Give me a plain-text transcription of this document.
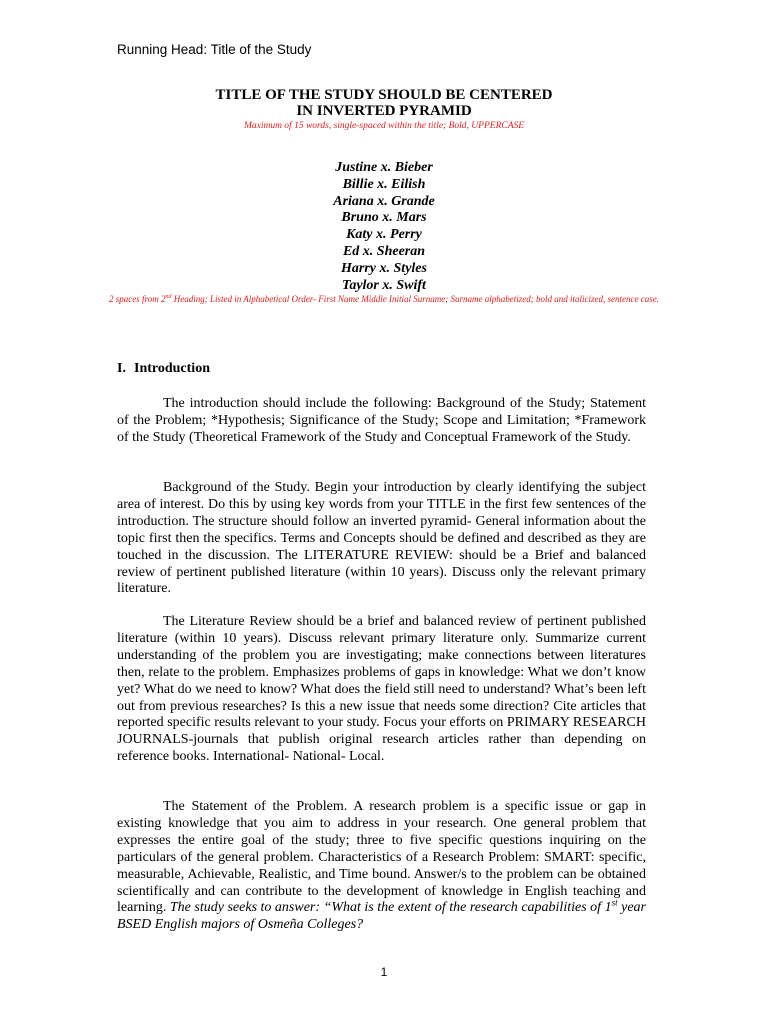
Running Head: Title of the Study
TITLE OF THE STUDY SHOULD BE CENTERED
IN INVERTED PYRAMID
Maximum of 15 words, single-spaced within the title; Bold, UPPERCASE
Justine x. Bieber
Billie x. Eilish
Ariana x. Grande
Bruno x. Mars
Katy x. Perry
Ed x. Sheeran
Harry x. Styles
Taylor x. Swift
2 spaces from 2nd Heading; Listed in Alphabetical Order- First Name Middle Initial Surname; Surname alphabetized; bold and italicized, sentence case.
I. Introduction
The introduction should include the following: Background of the Study; Statement of the Problem; *Hypothesis; Significance of the Study; Scope and Limitation; *Framework of the Study (Theoretical Framework of the Study and Conceptual Framework of the Study.
Background of the Study. Begin your introduction by clearly identifying the subject area of interest. Do this by using key words from your TITLE in the first few sentences of the introduction. The structure should follow an inverted pyramid- General information about the topic first then the specifics. Terms and Concepts should be defined and described as they are touched in the discussion. The LITERATURE REVIEW: should be a Brief and balanced review of pertinent published literature (within 10 years). Discuss only the relevant primary literature.
The Literature Review should be a brief and balanced review of pertinent published literature (within 10 years). Discuss relevant primary literature only. Summarize current understanding of the problem you are investigating; make connections between literatures then, relate to the problem. Emphasizes problems of gaps in knowledge: What we don’t know yet? What do we need to know? What does the field still need to understand? What’s been left out from previous researches? Is this a new issue that needs some direction? Cite articles that reported specific results relevant to your study. Focus your efforts on PRIMARY RESEARCH JOURNALS-journals that publish original research articles rather than depending on reference books. International- National- Local.
The Statement of the Problem. A research problem is a specific issue or gap in existing knowledge that you aim to address in your research. One general problem that expresses the entire goal of the study; three to five specific questions inquiring on the particulars of the general problem. Characteristics of a Research Problem: SMART: specific, measurable, Achievable, Realistic, and Time bound. Answer/s to the problem can be obtained scientifically and can contribute to the development of knowledge in English teaching and learning. The study seeks to answer: “What is the extent of the research capabilities of 1st year BSED English majors of Osmeña Colleges?
1
